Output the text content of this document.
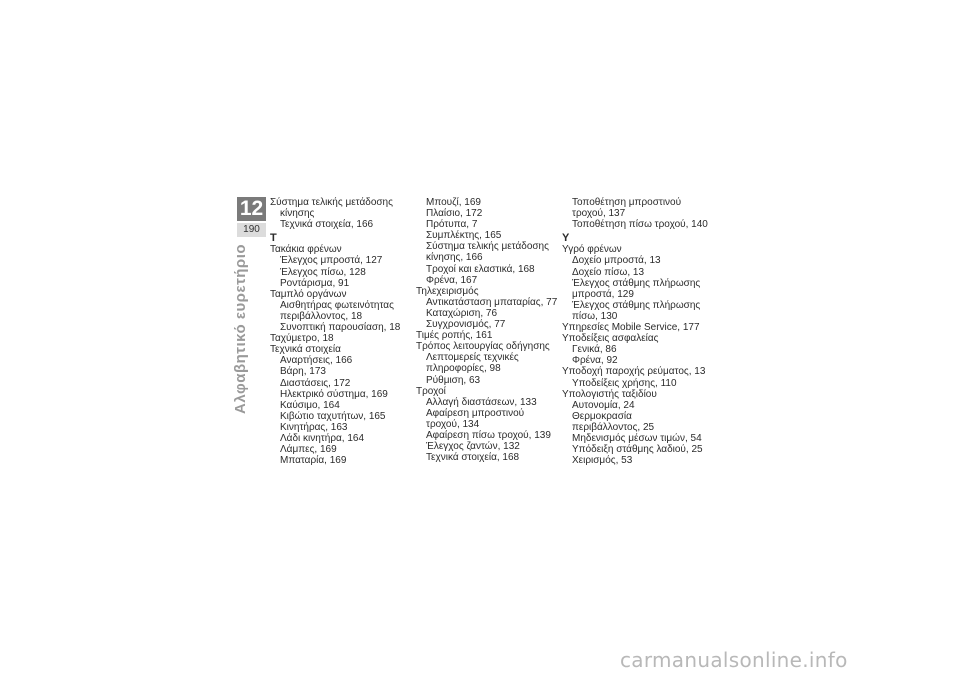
12
190
Αλφαβητικό ευρετήριο
Σύστημα τελικής μετάδοσης
κίνησης
Τεχνικά στοιχεία, 166
T
Τακάκια φρένων
Έλεγχος μπροστά, 127
Έλεγχος πίσω, 128
Ροντάρισμα, 91
Ταμπλό οργάνων
Αισθητήρας φωτεινότητας
περιβάλλοντος, 18
Συνοπτική παρουσίαση, 18
Ταχύμετρο, 18
Τεχνικά στοιχεία
Αναρτήσεις, 166
Βάρη, 173
Διαστάσεις, 172
Ηλεκτρικό σύστημα, 169
Καύσιμο, 164
Κιβώτιο ταχυτήτων, 165
Κινητήρας, 163
Λάδι κινητήρα, 164
Λάμπες, 169
Μπαταρία, 169
Μπουζί, 169
Πλαίσιο, 172
Πρότυπα, 7
Συμπλέκτης, 165
Σύστημα τελικής μετάδοσης
κίνησης, 166
Τροχοί και ελαστικά, 168
Φρένα, 167
Τηλεχειρισμός
Αντικατάσταση μπαταρίας, 77
Καταχώριση, 76
Συγχρονισμός, 77
Τιμές ροπής, 161
Τρόπος λειτουργίας οδήγησης
Λεπτομερείς τεχνικές
πληροφορίες, 98
Ρύθμιση, 63
Τροχοί
Αλλαγή διαστάσεων, 133
Αφαίρεση μπροστινού
τροχού, 134
Αφαίρεση πίσω τροχού, 139
Έλεγχος ζαντών, 132
Τεχνικά στοιχεία, 168
Τοποθέτηση μπροστινού
τροχού, 137
Τοποθέτηση πίσω τροχού, 140
Y
Υγρό φρένων
Δοχείο μπροστά, 13
Δοχείο πίσω, 13
Έλεγχος στάθμης πλήρωσης
μπροστά, 129
Έλεγχος στάθμης πλήρωσης
πίσω, 130
Υπηρεσίες Mobile Service, 177
Υποδείξεις ασφαλείας
Γενικά, 86
Φρένα, 92
Υποδοχή παροχής ρεύματος, 13
Υποδείξεις χρήσης, 110
Υπολογιστής ταξιδίου
Αυτονομία, 24
Θερμοκρασία
περιβάλλοντος, 25
Μηδενισμός μέσων τιμών, 54
Υπόδειξη στάθμης λαδιού, 25
Χειρισμός, 53
carmanualsonline.info
